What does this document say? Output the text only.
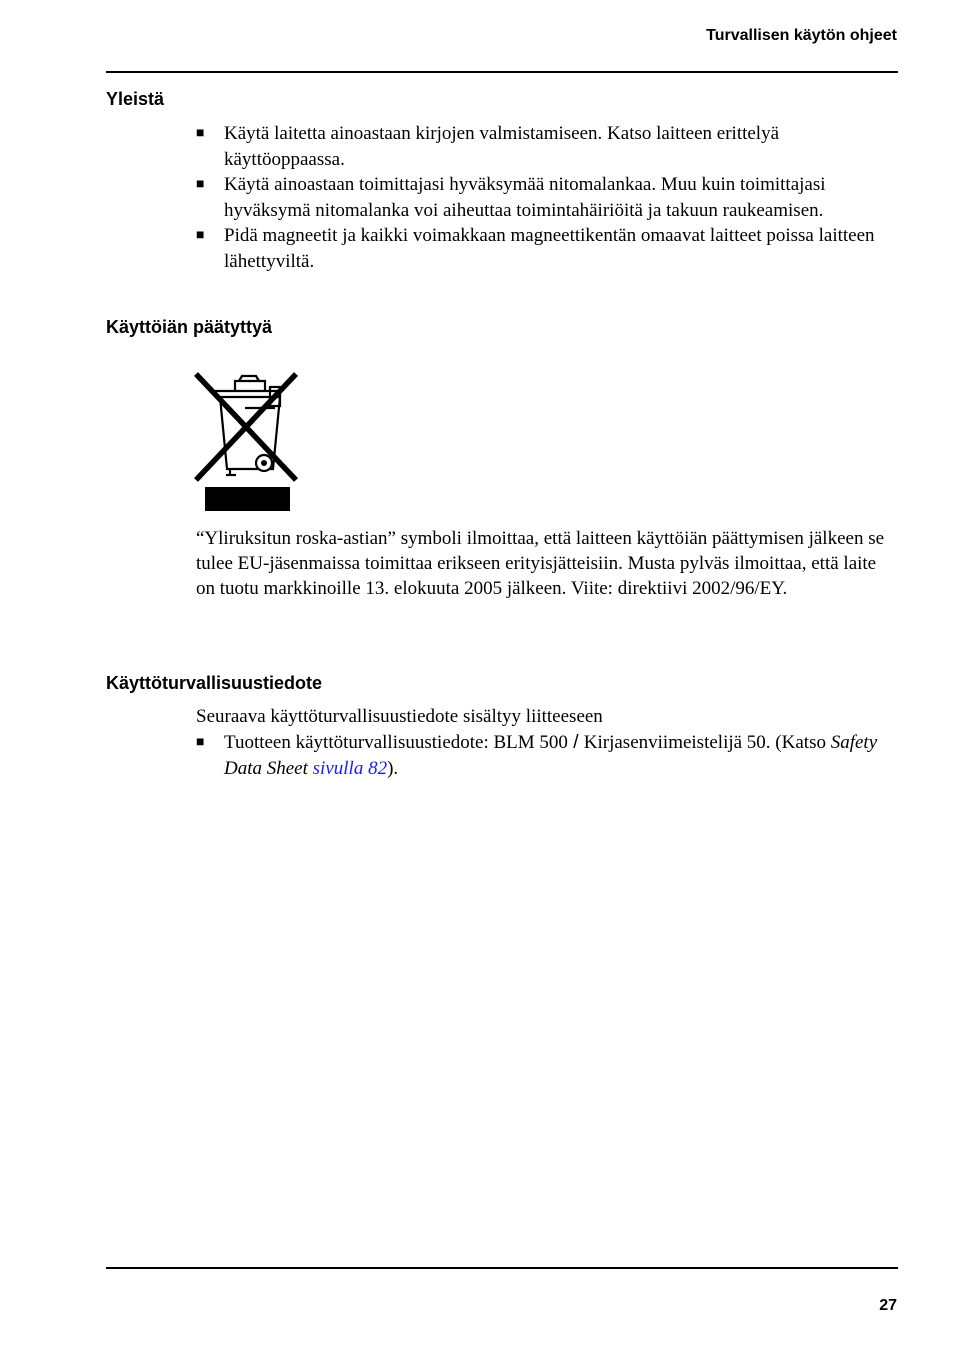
Turvallisen käytön ohjeet
Yleistä
■ Käytä laitetta ainoastaan kirjojen valmistamiseen. Katso laitteen erittelyä käyttöoppaassa.
■ Käytä ainoastaan toimittajasi hyväksymää nitomalankaa. Muu kuin toimittajasi hyväksymä nitomalanka voi aiheuttaa toimintahäiriöitä ja takuun raukeamisen.
■ Pidä magneetit ja kaikki voimakkaan magneettikentän omaavat laitteet poissa laitteen lähettyviltä.
Käyttöiän päätyttyä

“Yliruksitun roska-astian” symboli ilmoittaa, että laitteen käyttöiän päättymisen jälkeen se tulee EU-jäsenmaissa toimittaa erikseen erityisjätteisiin. Musta pylväs ilmoittaa, että laite on tuotu markkinoille 13. elokuuta 2005 jälkeen. Viite: direktiivi 2002/96/EY.

Käyttöturvallisuustiedote

Seuraava käyttöturvallisuustiedote sisältyy liitteeseen

■ Tuotteen käyttöturvallisuustiedote: BLM 500 / Kirjasenviimeistelijä 50. (Katso Safety Data Sheet sivulla 82).
27
